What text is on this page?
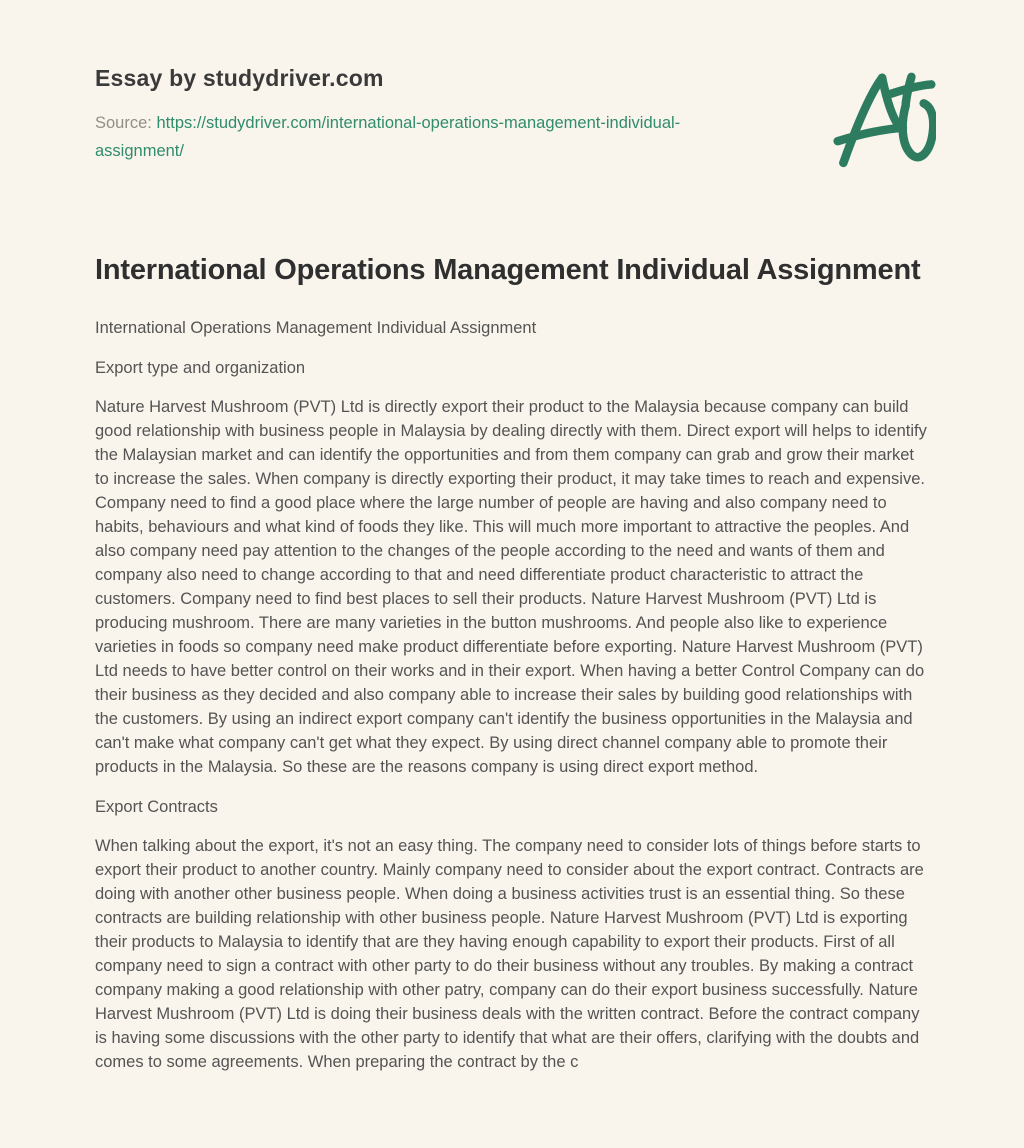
Essay by studydriver.com
Source: https://studydriver.com/international-operations-management-individual-assignment/
International Operations Management Individual Assignment

International Operations Management Individual Assignment

Export type and organization

Nature Harvest Mushroom (PVT) Ltd is directly export their product to the Malaysia because company can build good relationship with business people in Malaysia by dealing directly with them. Direct export will helps to identify the Malaysian market and can identify the opportunities and from them company can grab and grow their market to increase the sales. When company is directly exporting their product, it may take times to reach and expensive. Company need to find a good place where the large number of people are having and also company need to habits, behaviours and what kind of foods they like. This will much more important to attractive the peoples. And also company need pay attention to the changes of the people according to the need and wants of them and company also need to change according to that and need differentiate product characteristic to attract the customers. Company need to find best places to sell their products. Nature Harvest Mushroom (PVT) Ltd is producing mushroom. There are many varieties in the button mushrooms. And people also like to experience varieties in foods so company need make product differentiate before exporting. Nature Harvest Mushroom (PVT) Ltd needs to have better control on their works and in their export. When having a better Control Company can do their business as they decided and also company able to increase their sales by building good relationships with the customers. By using an indirect export company can't identify the business opportunities in the Malaysia and can't make what company can't get what they expect. By using direct channel company able to promote their products in the Malaysia. So these are the reasons company is using direct export method.

Export Contracts

When talking about the export, it's not an easy thing. The company need to consider lots of things before starts to export their product to another country. Mainly company need to consider about the export contract. Contracts are doing with another other business people. When doing a business activities trust is an essential thing. So these contracts are building relationship with other business people. Nature Harvest Mushroom (PVT) Ltd is exporting their products to Malaysia to identify that are they having enough capability to export their products. First of all company need to sign a contract with other party to do their business without any troubles. By making a contract company making a good relationship with other patry, company can do their export business successfully. Nature Harvest Mushroom (PVT) Ltd is doing their business deals with the written contract. Before the contract company is having some discussions with the other party to identify that what are their offers, clarifying with the doubts and comes to some agreements. When preparing the contract by the c
